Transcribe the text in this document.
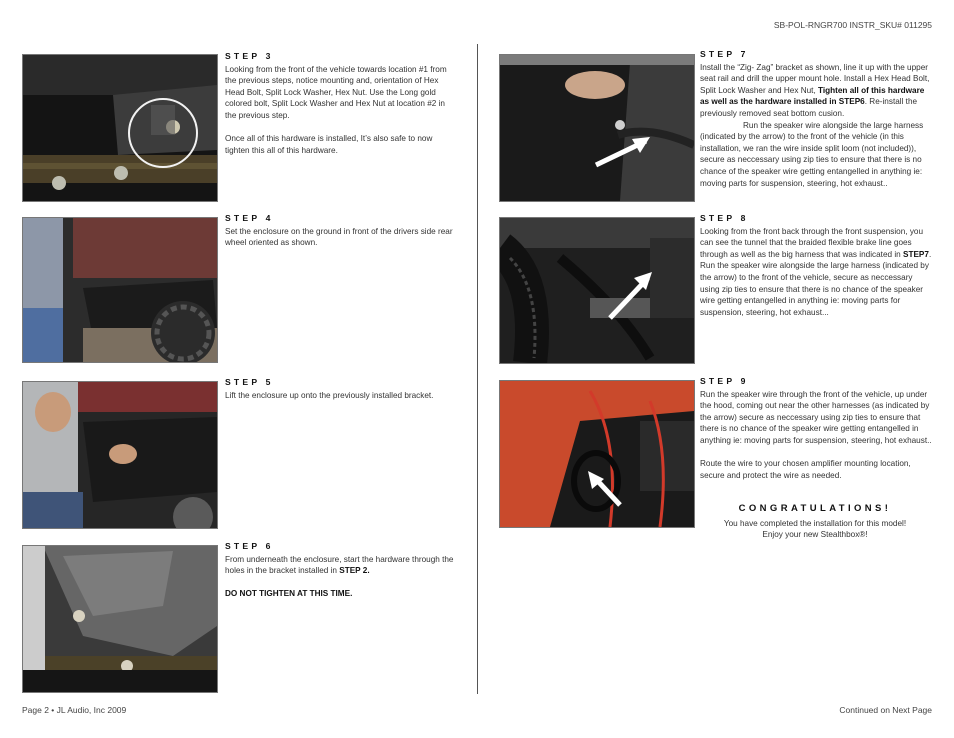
SB-POL-RNGR700 INSTR_SKU# 011295
STEP 3

Looking from the front of the vehicle towards location #1 from the previous steps, notice mounting and, orientation of Hex Head Bolt, Split Lock Washer, Hex Nut. Use the Long gold colored bolt, Split Lock Washer and Hex Nut at location #2 in the previous step.

Once all of this hardware is installed, It’s also safe to now tighten this all of this hardware.

STEP 4

Set the enclosure on the ground in front of the drivers side rear wheel oriented as shown.

STEP 5

Lift the enclosure up onto the previously installed bracket.

STEP 6

From underneath the enclosure, start the hardware through the holes in the bracket installed in STEP 2.

DO NOT TIGHTEN AT THIS TIME.

STEP 7

Install the “Zig- Zag” bracket as shown, line it up with the upper seat rail and drill the upper mount hole. Install a Hex Head Bolt, Split Lock Washer and Hex Nut, Tighten all of this hardware as well as the hardware installed in STEP6. Re-install the previously removed seat bottom cusion.

Run the speaker wire alongside the large harness (indicated by the arrow) to the front of the vehicle (in this installation, we ran the wire inside split loom (not included)), secure as neccessary using zip ties to ensure that there is no chance of the speaker wire getting entangelled in anything ie: moving parts for suspension, steering, hot exhaust..

STEP 8

Looking from the front back through the front suspension, you can see the tunnel that the braided flexible brake line goes through as well as the big harness that was indicated in STEP7. Run the speaker wire alongside the large harness (indicated by the arrow) to the front of the vehicle, secure as neccessary using zip ties to ensure that there is no chance of the speaker wire getting entangelled in anything ie: moving parts for suspension, steering, hot exhaust...

STEP 9

Run the speaker wire through the front of the vehicle, up under the hood, coming out near the other harnesses (as indicated by the arrow) secure as neccessary using zip ties to ensure that there is no chance of the speaker wire getting entangelled in anything ie: moving parts for suspension, steering, hot exhaust..

Route the wire to your chosen amplifier mounting location, secure and protect the wire as needed.

CONGRATULATIONS!
You have completed the installation for this model!
Enjoy your new Stealthbox®!
Page 2 • JL Audio, Inc 2009	Continued on Next Page
